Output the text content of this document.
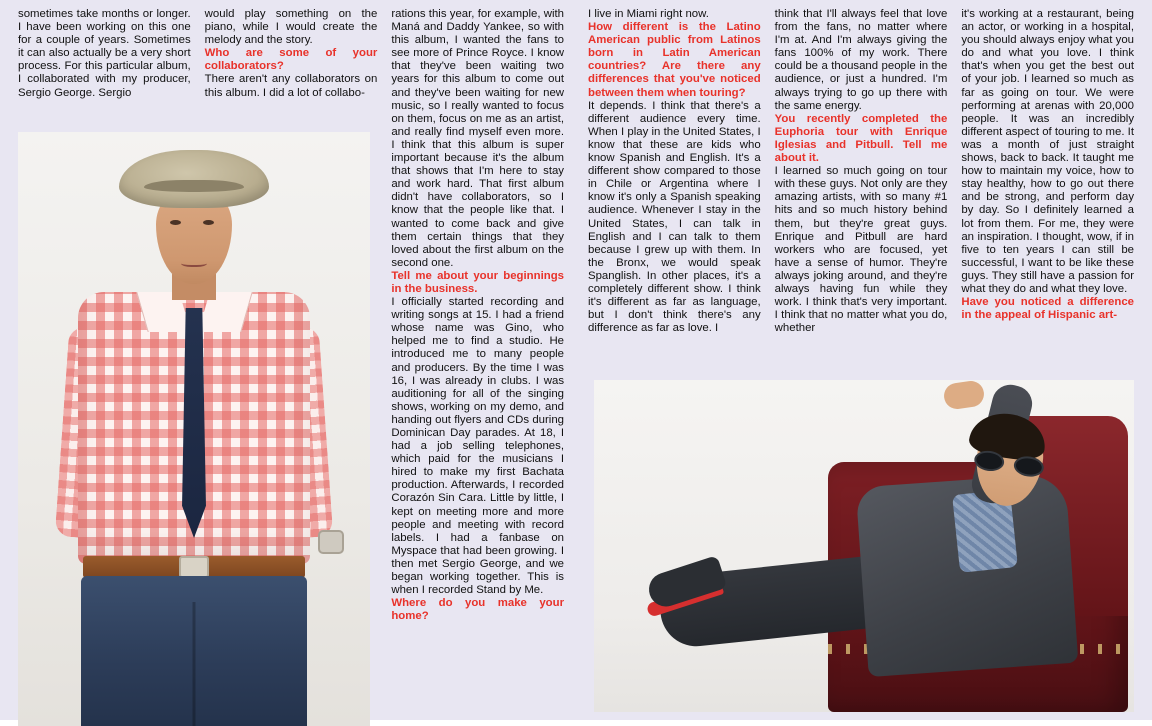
sometimes take months or longer. I have been working on this one for a couple of years. Sometimes it can also actually be a very short process. For this particular album, I collaborated with my producer, Sergio George. Sergio

would play something on the piano, while I would create the melody and the story.

Who are some of your collaborators?

There aren't any collaborators on this album. I did a lot of collabo-

rations this year, for example, with Maná and Daddy Yankee, so with this album, I wanted the fans to see more of Prince Royce. I know that they've been waiting two years for this album to come out and they've been waiting for new music, so I really wanted to focus on them, focus on me as an artist, and really find myself even more. I think that this album is super important because it's the album that shows that I'm here to stay and work hard. That first album didn't have collaborators, so I know that the people like that. I wanted to come back and give them certain things that they loved about the first album on the second one.

Tell me about your beginnings in the business.

I officially started recording and writing songs at 15. I had a friend whose name was Gino, who helped me to find a studio. He introduced me to many people and producers. By the time I was 16, I was already in clubs. I was auditioning for all of the singing shows, working on my demo, and handing out flyers and CDs during Dominican Day parades. At 18, I had a job selling telephones, which paid for the musicians I hired to make my first Bachata production. Afterwards, I recorded Corazón Sin Cara. Little by little, I kept on meeting more and more people and meeting with record labels. I had a fanbase on Myspace that had been growing. I then met Sergio George, and we began working together. This is when I recorded Stand by Me.

Where do you make your home?

I live in Miami right now.

How different is the Latino American public from Latinos born in Latin American countries? Are there any differences that you've noticed between them when touring?

It depends. I think that there's a different audience every time. When I play in the United States, I know that these are kids who know Spanish and English. It's a different show compared to those in Chile or Argentina where I know it's only a Spanish speaking audience. Whenever I stay in the United States, I can talk in English and I can talk to them because I grew up with them. In the Bronx, we would speak Spanglish. In other places, it's a completely different show. I think it's different as far as language, but I don't think there's any difference as far as love. I

think that I'll always feel that love from the fans, no matter where I'm at. And I'm always giving the fans 100% of my work. There could be a thousand people in the audience, or just a hundred. I'm always trying to go up there with the same energy.

You recently completed the Euphoria tour with Enrique Iglesias and Pitbull. Tell me about it.

I learned so much going on tour with these guys. Not only are they amazing artists, with so many #1 hits and so much history behind them, but they're great guys. Enrique and Pitbull are hard workers who are focused, yet have a sense of humor. They're always joking around, and they're always having fun while they work. I think that's very important. I think that no matter what you do, whether

it's working at a restaurant, being an actor, or working in a hospital, you should always enjoy what you do and what you love. I think that's when you get the best out of your job. I learned so much as far as going on tour. We were performing at arenas with 20,000 people. It was an incredibly different aspect of touring to me. It was a month of just straight shows, back to back. It taught me how to maintain my voice, how to stay healthy, how to go out there and be strong, and perform day by day. So I definitely learned a lot from them. For me, they were an inspiration. I thought, wow, if in five to ten years I can still be successful, I want to be like these guys. They still have a passion for what they do and what they love.

Have you noticed a difference in the appeal of Hispanic art-
